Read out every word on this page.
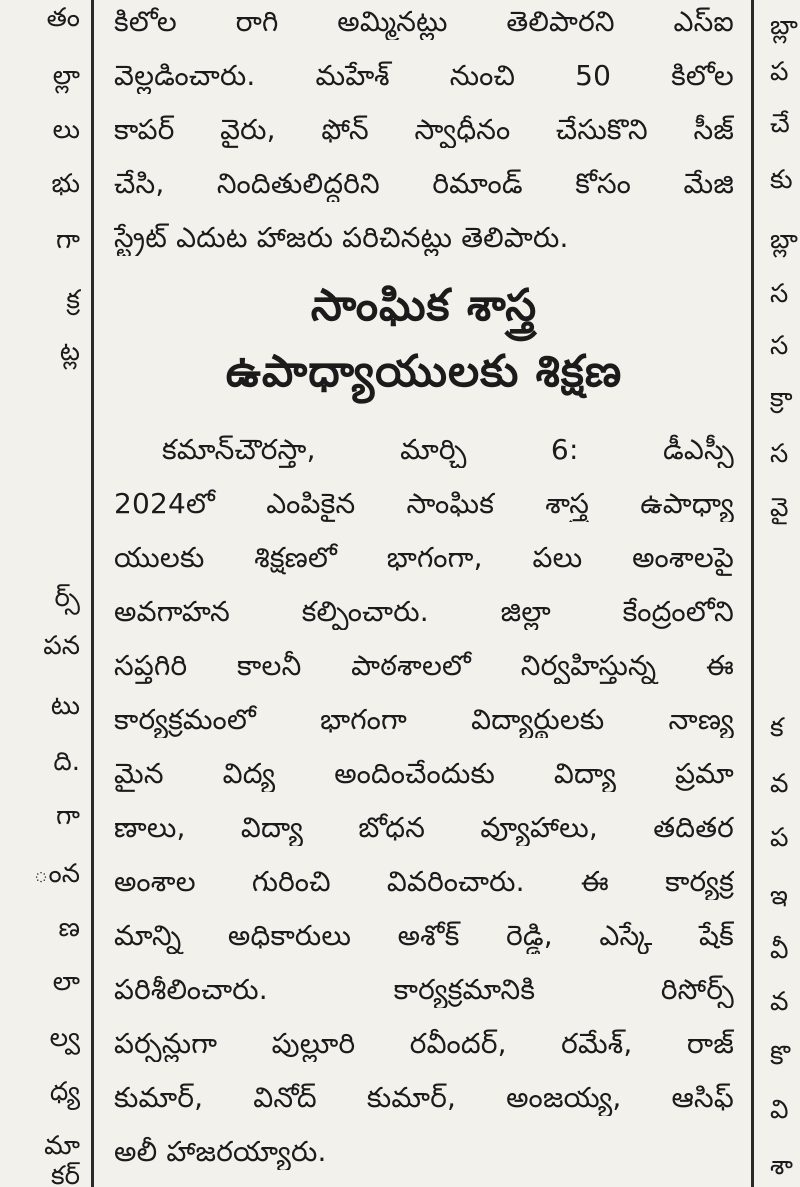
తం
ల్లా
లు
భు
గా
క్ర
ట్ల
ర్స్
పన
టు
ది.
గా
ంన
ణ
లా
ల్వ
ధ్య
మా
కర్
కిలోల రాగి అమ్మినట్లు తెలిపారని ఎస్ఐ
వెల్లడించారు. మహేశ్ నుంచి 50 కిలోల
కాపర్ వైరు, ఫోన్ స్వాధీనం చేసుకొని సీజ్
చేసి, నిందితులిద్దరిని రిమాండ్ కోసం మేజి
స్ట్రేట్ ఎదుట హాజరు పరిచినట్లు తెలిపారు.
సాంఘిక శాస్త్ర
ఉపాధ్యాయులకు శిక్షణ
కమాన్‌చౌరస్తా, మార్చి 6: డీఎస్సీ
2024లో ఎంపికైన సాంఘిక శాస్త్ర ఉపాధ్యా
యులకు శిక్షణలో భాగంగా, పలు అంశాలపై
అవగాహన కల్పించారు. జిల్లా కేంద్రంలోని
సప్తగిరి కాలనీ పాఠశాలలో నిర్వహిస్తున్న ఈ
కార్యక్రమంలో భాగంగా విద్యార్థులకు నాణ్య
మైన విద్య అందించేందుకు విద్యా ప్రమా
ణాలు, విద్యా బోధన వ్యూహాలు, తదితర
అంశాల గురించి వివరించారు. ఈ కార్యక్ర
మాన్ని అధికారులు అశోక్ రెడ్డి, ఎస్కే షేక్
పరిశీలించారు. కార్యక్రమానికి రిసోర్స్
పర్సన్లుగా పుల్లూరి రవీందర్, రమేశ్, రాజ్
కుమార్, వినోద్ కుమార్, అంజయ్య, ఆసిఫ్
అలీ హాజరయ్యారు.
బ్లా
ప
చే
కు
బ్లా
స
స
క్రా
స
వై
క
వ
ప
ఇ
వీ
వ
కొ
వి
శా
